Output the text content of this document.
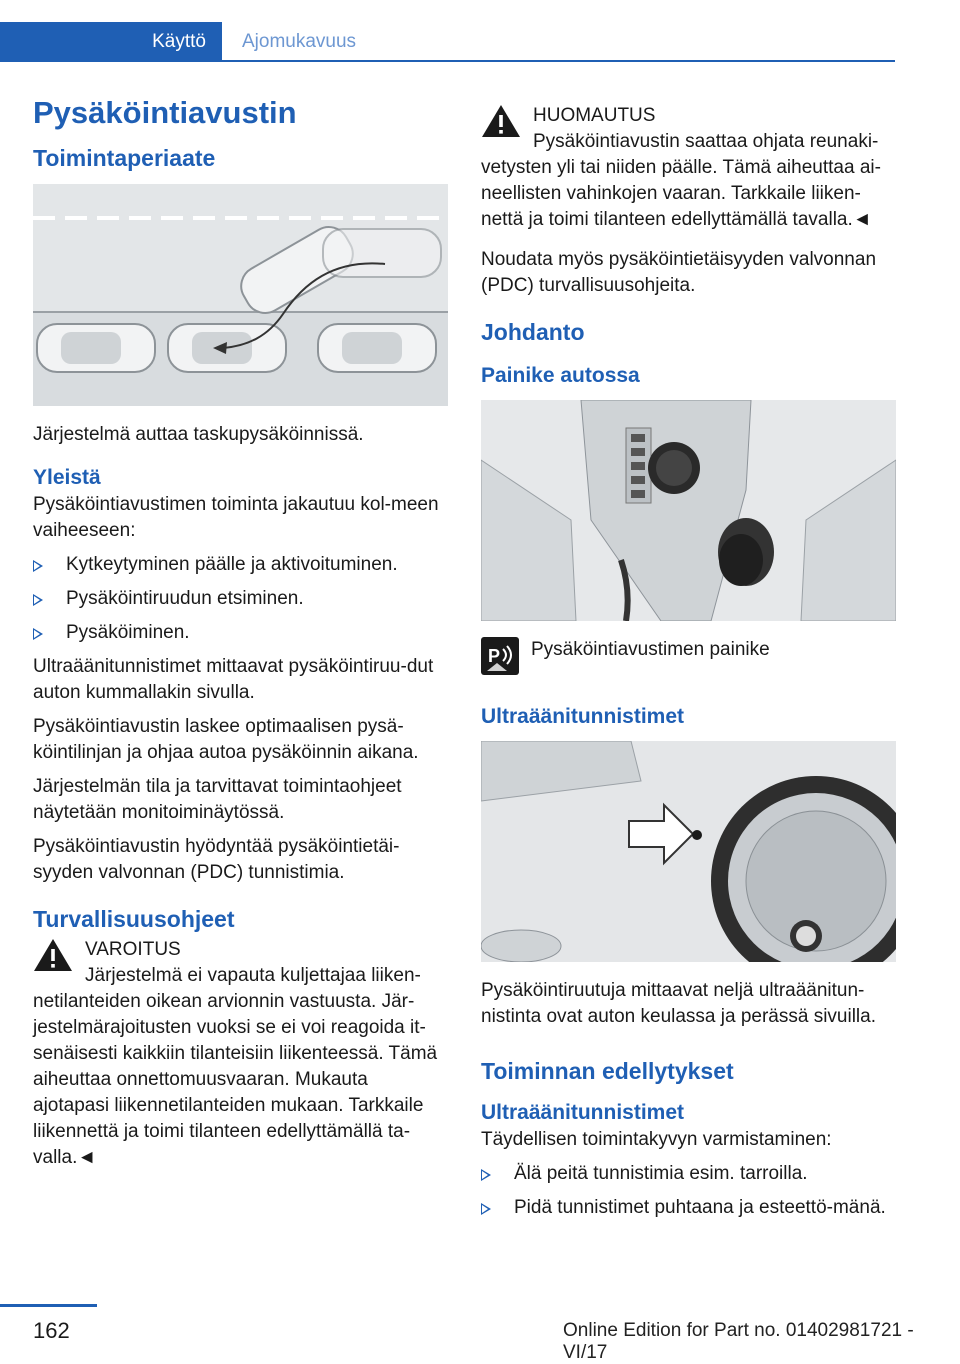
Käyttö Ajomukavuus
Pysäköintiavustin
Toimintaperiaate
Järjestelmä auttaa taskupysäköinnissä.
Yleistä
Pysäköintiavustimen toiminta jakautuu kol-meen vaiheeseen:
Kytkeytyminen päälle ja aktivoituminen.
Pysäköintiruudun etsiminen.
Pysäköiminen.
Ultraäänitunnistimet mittaavat pysäköintiruu-dut auton kummallakin sivulla.
Pysäköintiavustin laskee optimaalisen pysä-köintilinjan ja ohjaa autoa pysäköinnin aikana.
Järjestelmän tila ja tarvittavat toimintaohjeet näytetään monitoiminäytössä.
Pysäköintiavustin hyödyntää pysäköintietäi-syyden valvonnan (PDC) tunnistimia.
Turvallisuusohjeet
VAROITUS

Järjestelmä ei vapauta kuljettajaa liiken-netilanteiden oikean arvionnin vastuusta. Jär-jestelmärajoitusten vuoksi se ei voi reagoida it-senäisesti kaikkiin tilanteisiin liikenteessä. Tämä aiheuttaa onnettomuusvaaran. Mukauta ajotapasi liikennetilanteiden mukaan. Tarkkaile liikennettä ja toimi tilanteen edellyttämällä ta-valla.◄

HUOMAUTUS

Pysäköintiavustin saattaa ohjata reunaki-vetysten yli tai niiden päälle. Tämä aiheuttaa ai-neellisten vahinkojen vaaran. Tarkkaile liiken-nettä ja toimi tilanteen edellyttämällä tavalla.◄

Noudata myös pysäköintietäisyyden valvonnan (PDC) turvallisuusohjeita.
Johdanto
Painike autossa
P Pysäköintiavustimen painike
Ultraäänitunnistimet
Pysäköintiruutuja mittaavat neljä ultraäänitun-nistinta ovat auton keulassa ja perässä sivuilla.
Toiminnan edellytykset
Ultraäänitunnistimet
Täydellisen toimintakyvyn varmistaminen:
Älä peitä tunnistimia esim. tarroilla.
Pidä tunnistimet puhtaana ja esteettö-mänä.
162	Online Edition for Part no. 01402981721 - VI/17
